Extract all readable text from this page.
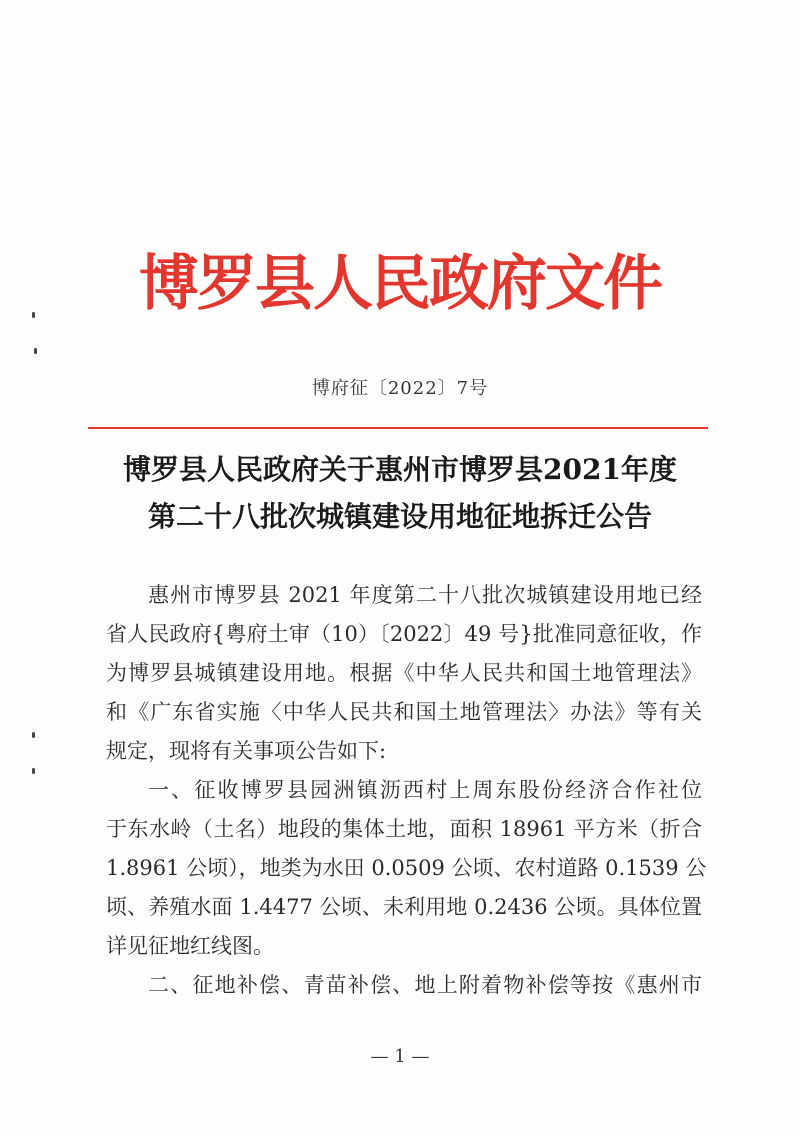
博罗县人民政府文件
博府征〔2022〕7号
博罗县人民政府关于惠州市博罗县2021年度
第二十八批次城镇建设用地征地拆迁公告
惠州市博罗县 2021 年度第二十八批次城镇建设用地已经
省人民政府{粤府土审（10）〔2022〕49 号}批准同意征收，作
为博罗县城镇建设用地。根据《中华人民共和国土地管理法》
和《广东省实施〈中华人民共和国土地管理法〉办法》等有关
规定，现将有关事项公告如下:
一、征收博罗县园洲镇沥西村上周东股份经济合作社位
于东水岭（土名）地段的集体土地，面积 18961 平方米（折合
1.8961 公顷），地类为水田 0.0509 公顷、农村道路 0.1539 公
顷、养殖水面 1.4477 公顷、未利用地 0.2436 公顷。具体位置
详见征地红线图。
二、征地补偿、青苗补偿、地上附着物补偿等按《惠州市
— 1 —
